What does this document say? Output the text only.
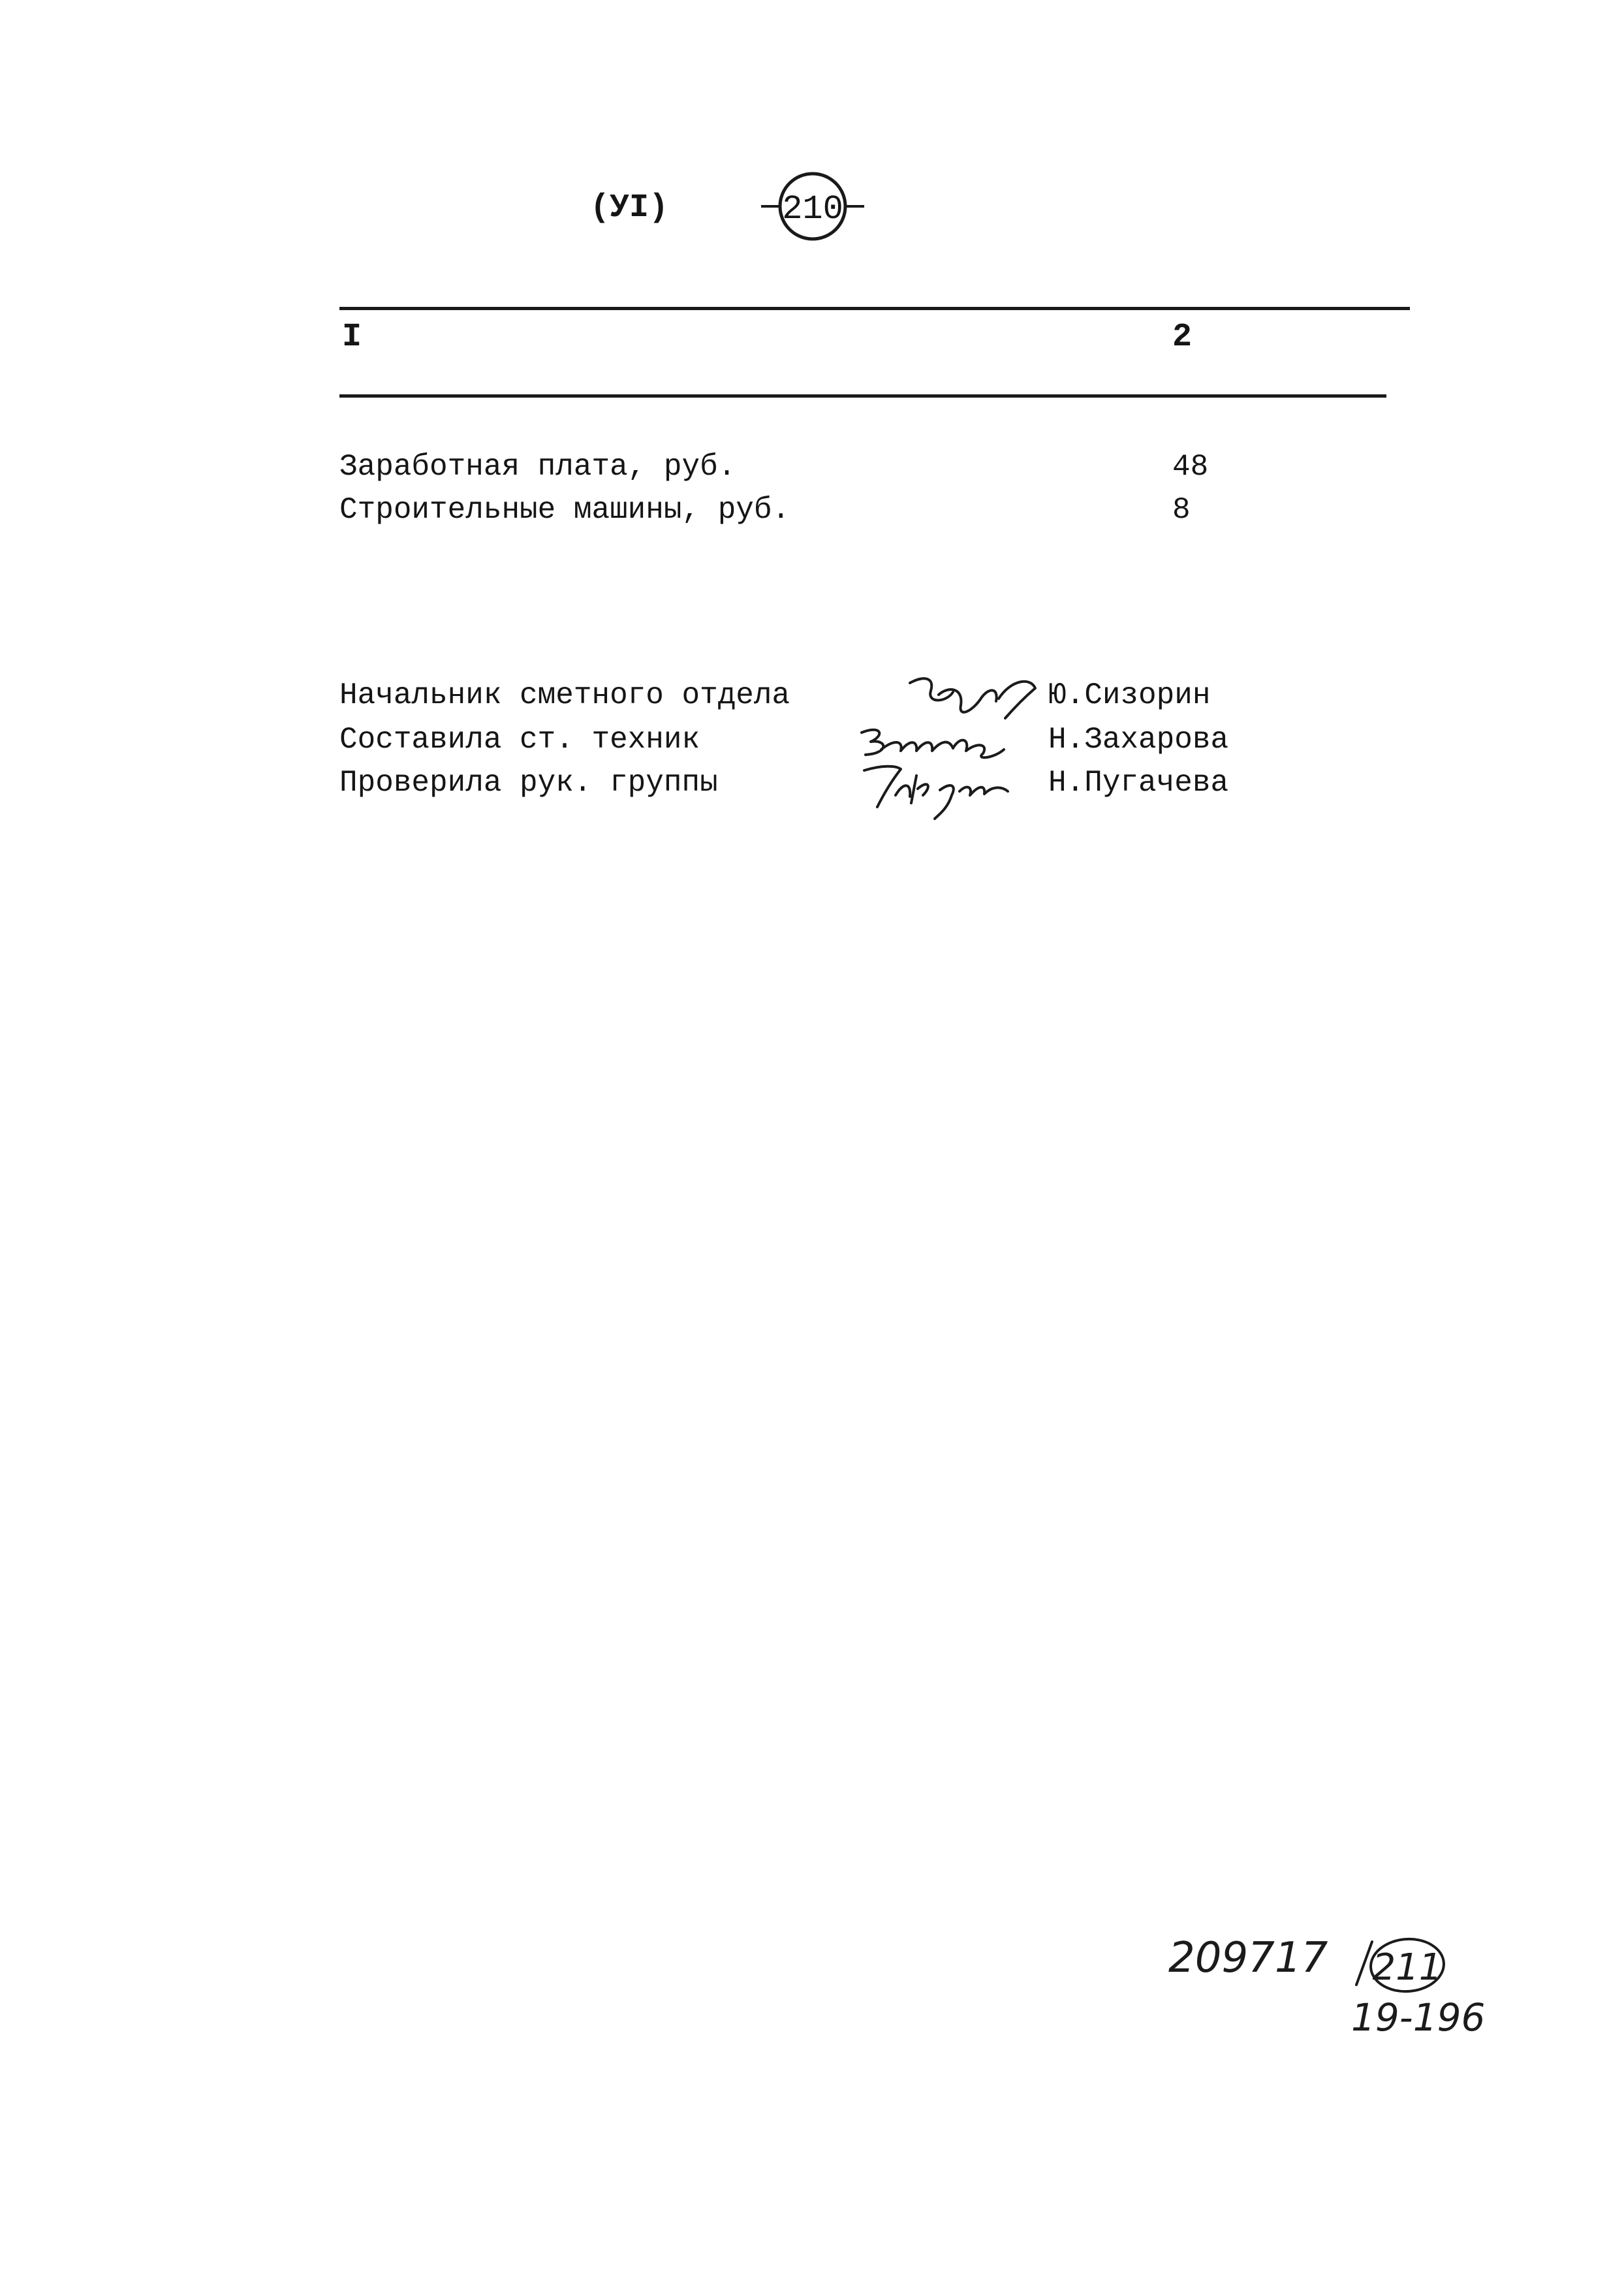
(УI)	210
I	2
Заработная плата, руб.	48
Строительные машины, руб.	8
Начальник сметного отдела	Ю.Сизорин
Составила ст. техник	Н.Захарова
Проверила рук. группы	Н.Пугачева
209717 211
19-196
